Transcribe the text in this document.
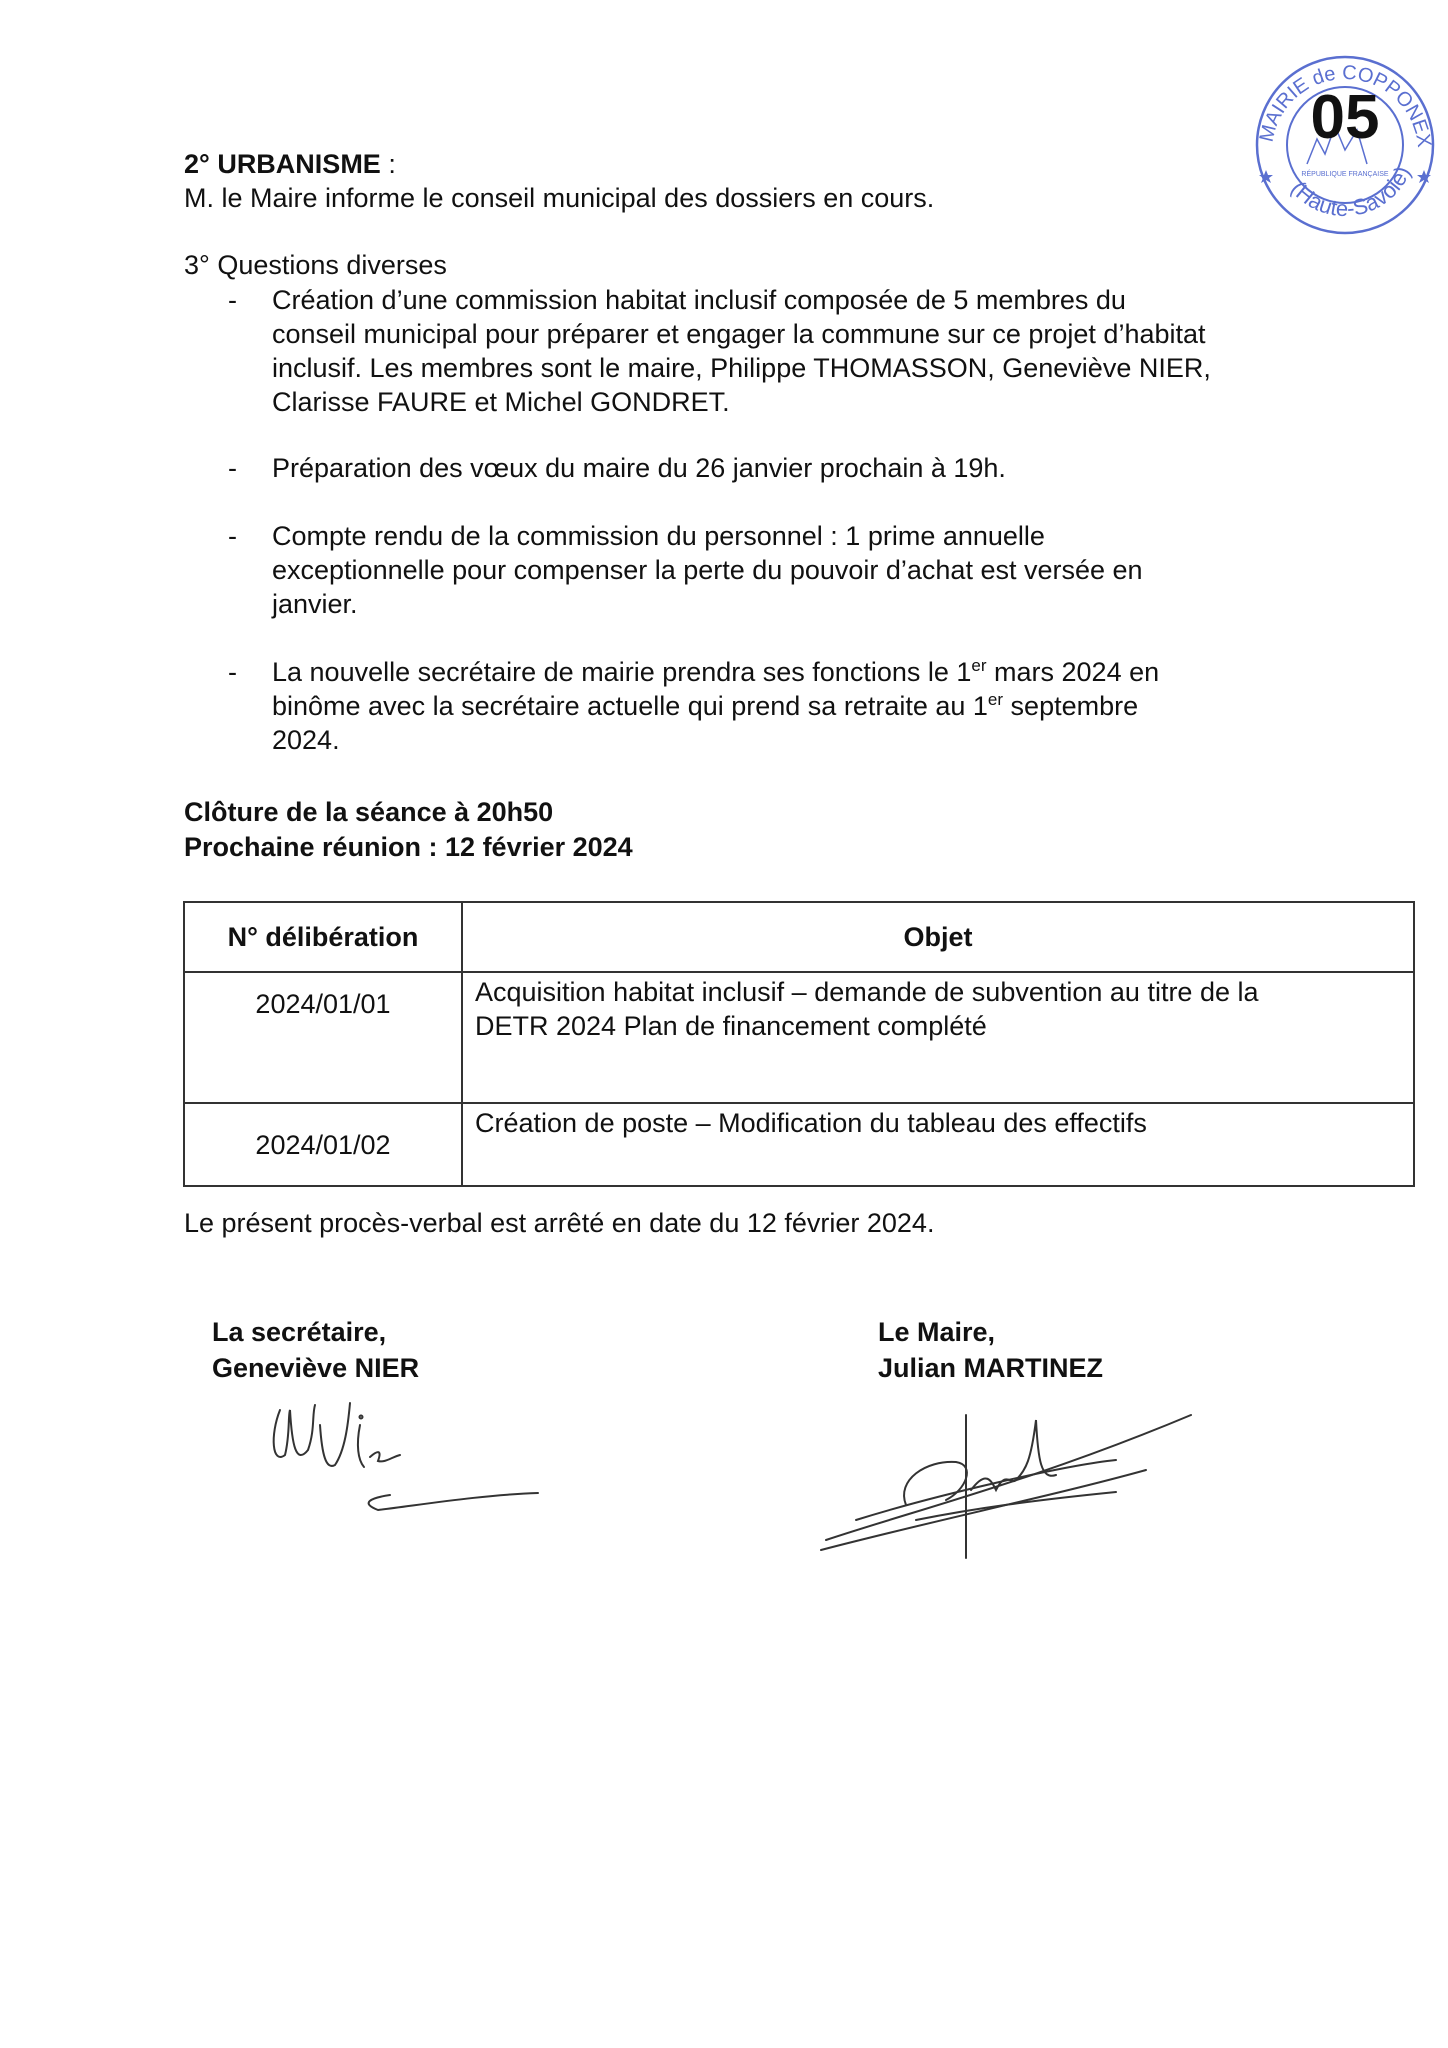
MAIRIE de COPPONEX
(Haute-Savoie)
RÉPUBLIQUE FRANÇAISE
05
2° URBANISME :
M. le Maire informe le conseil municipal des dossiers en cours.
3° Questions diverses
- Création d’une commission habitat inclusif composée de 5 membres du
conseil municipal pour préparer et engager la commune sur ce projet d’habitat
inclusif. Les membres sont le maire, Philippe THOMASSON, Geneviève NIER,
Clarisse FAURE et Michel GONDRET.
- Préparation des vœux du maire du 26 janvier prochain à 19h.
- Compte rendu de la commission du personnel : 1 prime annuelle
exceptionnelle pour compenser la perte du pouvoir d’achat est versée en
janvier.
- La nouvelle secrétaire de mairie prendra ses fonctions le 1er mars 2024 en
binôme avec la secrétaire actuelle qui prend sa retraite au 1er septembre
2024.
Clôture de la séance à 20h50
Prochaine réunion : 12 février 2024
N° délibération	Objet
2024/01/01	Acquisition habitat inclusif – demande de subvention au titre de la
DETR 2024 Plan de financement complété

2024/01/02	Création de poste – Modification du tableau des effectifs
Le présent procès-verbal est arrêté en date du 12 février 2024.
La secrétaire,
Geneviève NIER
Le Maire,
Julian MARTINEZ
